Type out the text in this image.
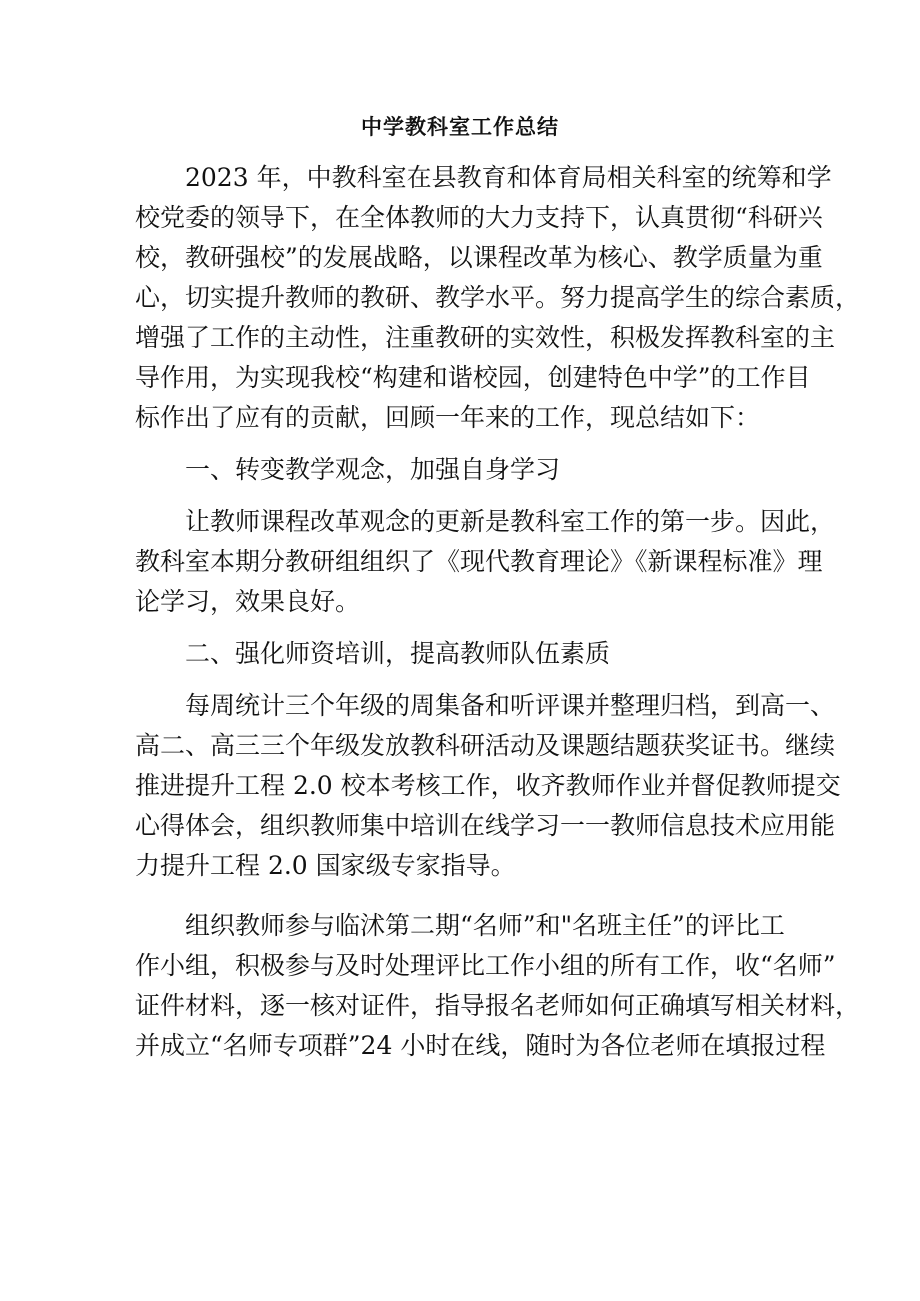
中学教科室工作总结
2023 年，中教科室在县教育和体育局相关科室的统筹和学
校党委的领导下，在全体教师的大力支持下，认真贯彻“科研兴
校，教研强校”的发展战略，以课程改革为核心、教学质量为重
心，切实提升教师的教研、教学水平。努力提高学生的综合素质，
增强了工作的主动性，注重教研的实效性，积极发挥教科室的主
导作用，为实现我校“构建和谐校园，创建特色中学”的工作目
标作出了应有的贡献，回顾一年来的工作，现总结如下：
一、转变教学观念，加强自身学习
让教师课程改革观念的更新是教科室工作的第一步。因此，
教科室本期分教研组组织了《现代教育理论》《新课程标准》理
论学习，效果良好。
二、强化师资培训，提高教师队伍素质
每周统计三个年级的周集备和听评课并整理归档，到高一、
高二、高三三个年级发放教科研活动及课题结题获奖证书。继续
推进提升工程 2.0 校本考核工作，收齐教师作业并督促教师提交
心得体会，组织教师集中培训在线学习一一教师信息技术应用能
力提升工程 2.0 国家级专家指导。
组织教师参与临沭第二期“名师”和"名班主任”的评比工
作小组，积极参与及时处理评比工作小组的所有工作，收“名师”
证件材料，逐一核对证件，指导报名老师如何正确填写相关材料，
并成立“名师专项群”24 小时在线，随时为各位老师在填报过程
